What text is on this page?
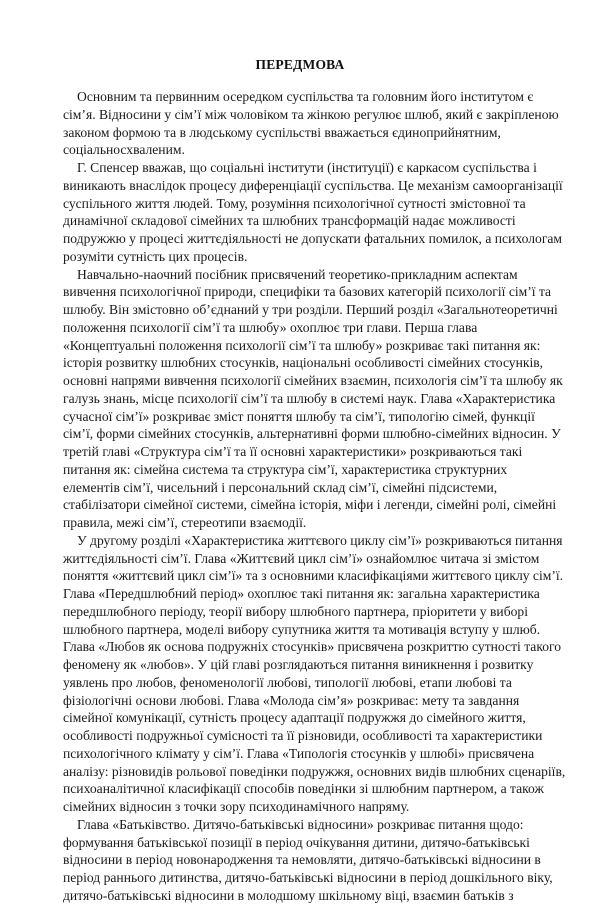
ПЕРЕДМОВА
Основним та первинним осередком суспільства та головним його інститутом є
сім’я. Відносини у сім’ї між чоловіком та жінкою регулює шлюб, який є закріпленою
законом формою та в людському суспільстві вважається єдиноприйнятним,
соціальносхваленим.
Г. Спенсер вважав, що соціальні інститути (інституції) є каркасом суспільства і
виникають внаслідок процесу диференціації суспільства. Це механізм самоорганізації
суспільного життя людей. Тому, розуміння психологічної сутності змістовної та
динамічної складової сімейних та шлюбних трансформацій надає можливості
подружжю у процесі життєдіяльності не допускати фатальних помилок, а психологам
розуміти сутність цих процесів.
Навчально-наочний посібник присвячений теоретико-прикладним аспектам
вивчення психологічної природи, специфіки та базових категорій психології сім’ї та
шлюбу. Він змістовно об’єднаний у три розділи. Перший розділ «Загальнотеоретичні
положення психології сім’ї та шлюбу» охоплює три глави. Перша глава
«Концептуальні положення психології сім’ї та шлюбу» розкриває такі питання як:
історія розвитку шлюбних стосунків, національні особливості сімейних стосунків,
основні напрями вивчення психології сімейних взаємин, психологія сім’ї та шлюбу як
галузь знань, місце психології сім’ї та шлюбу в системі наук. Глава «Характеристика
сучасної сім’ї» розкриває зміст поняття шлюбу та сім’ї, типологію сімей, функції
сім’ї, форми сімейних стосунків, альтернативні форми шлюбно-сімейних відносин. У
третій главі «Структура сім’ї та її основні характеристики» розкриваються такі
питання як: сімейна система та структура сім’ї, характеристика структурних
елементів сім’ї, чисельний і персональний склад сім’ї, сімейні підсистеми,
стабілізатори сімейної системи, сімейна історія, міфи і легенди, сімейні ролі, сімейні
правила, межі сім’ї, стереотипи взаємодії.
У другому розділі «Характеристика життєвого циклу сім’ї» розкриваються питання
життєдіяльності сім’ї. Глава «Життєвий цикл сім’ї» ознайомлює читача зі змістом
поняття «життєвий цикл сім’ї» та з основними класифікаціями життєвого циклу сім’ї.
Глава «Передшлюбний період» охоплює такі питання як: загальна характеристика
передшлюбного періоду, теорії вибору шлюбного партнера, пріоритети у виборі
шлюбного партнера, моделі вибору супутника життя та мотивація вступу у шлюб.
Глава «Любов як основа подружніх стосунків» присвячена розкриттю сутності такого
феномену як «любов». У цій главі розглядаються питання виникнення і розвитку
уявлень про любов, феноменології любові, типології любові, етапи любові та
фізіологічні основи любові. Глава «Молода сім’я» розкриває: мету та завдання
сімейної комунікації, сутність процесу адаптації подружжя до сімейного життя,
особливості подружньої сумісності та її різновиди, особливості та характеристики
психологічного клімату у сім’ї. Глава «Типологія стосунків у шлюбі» присвячена
аналізу: різновидів рольової поведінки подружжя, основних видів шлюбних сценаріїв,
психоаналітичної класифікації способів поведінки зі шлюбним партнером, а також
сімейних відносин з точки зору психодинамічного напряму.
Глава «Батьківство. Дитячо-батьківські відносини» розкриває питання щодо:
формування батьківської позиції в період очікування дитини, дитячо-батьківські
відносини в період новонародження та немовляти, дитячо-батьківські відносини в
період раннього дитинства, дитячо-батьківські відносини в період дошкільного віку,
дитячо-батьківські відносини в молодшому шкільному віці, взаємин батьків з
